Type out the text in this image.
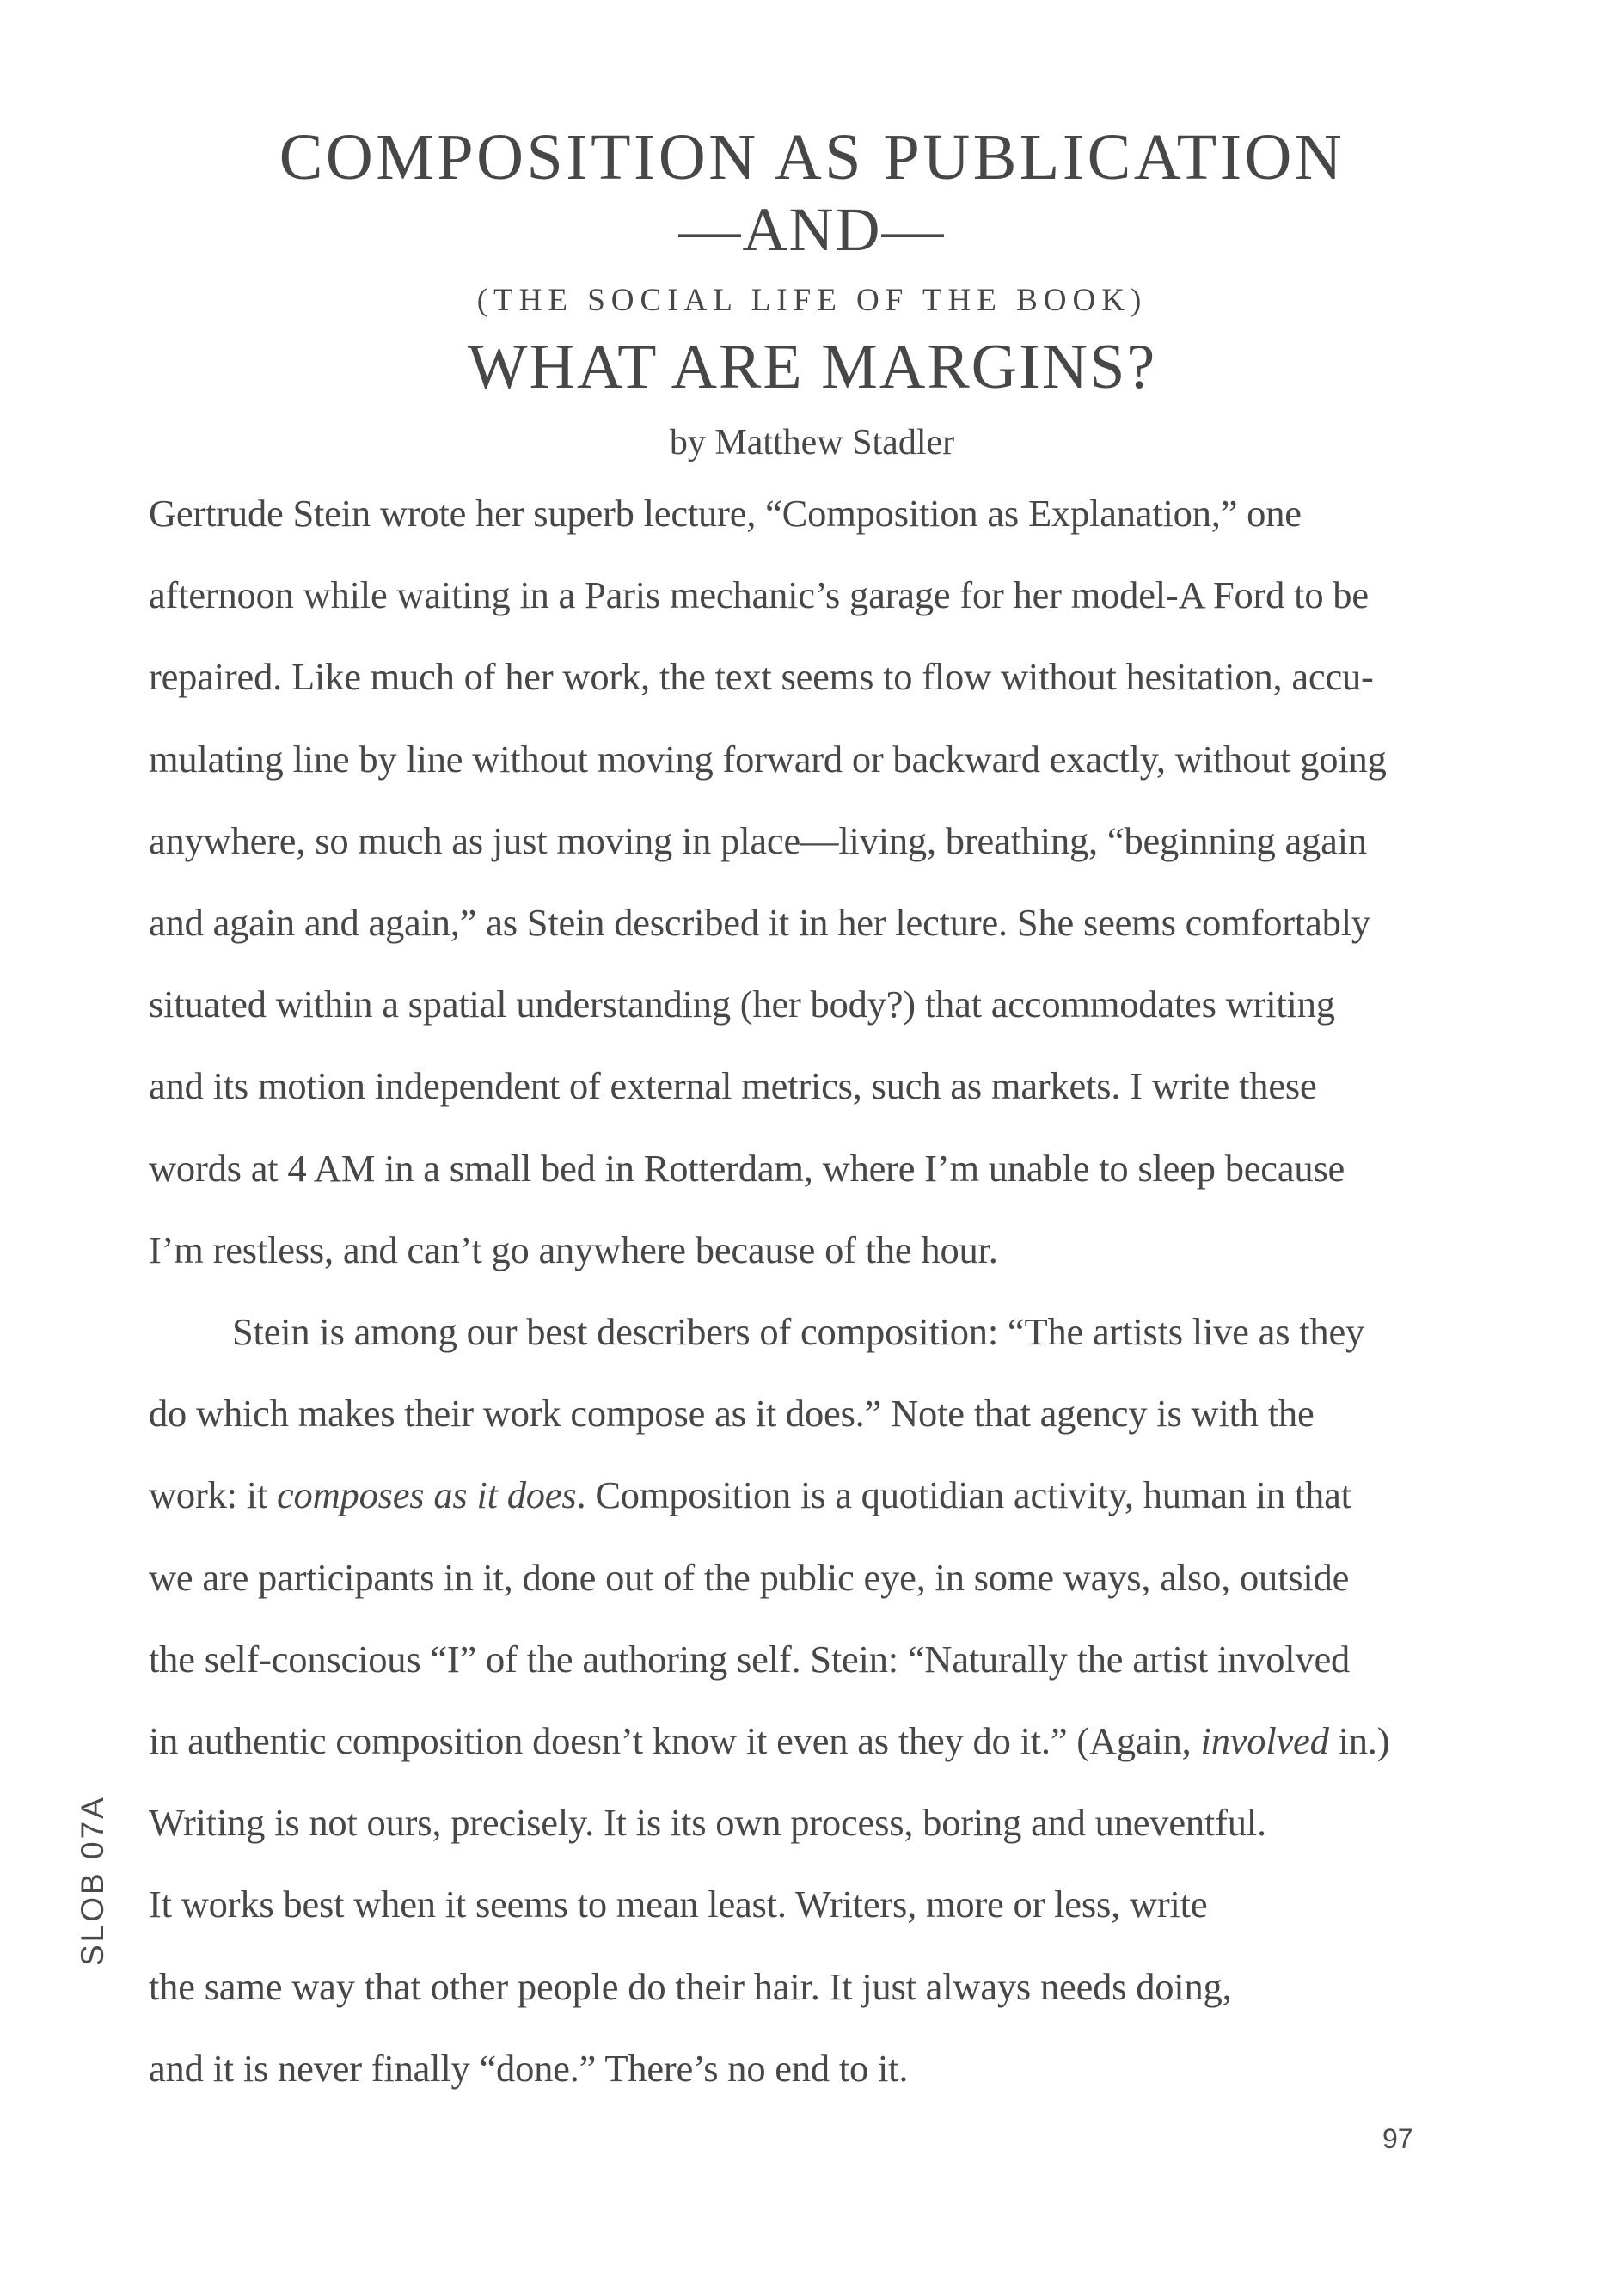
COMPOSITION AS PUBLICATION
—AND—
(THE SOCIAL LIFE OF THE BOOK)
WHAT ARE MARGINS?
by Matthew Stadler
Gertrude Stein wrote her superb lecture, “Composition as Explanation,” one
afternoon while waiting in a Paris mechanic’s garage for her model-A Ford to be
repaired. Like much of her work, the text seems to flow without hesitation, accu-
mulating line by line without moving forward or backward exactly, without going
anywhere, so much as just moving in place—living, breathing, “beginning again
and again and again,” as Stein described it in her lecture. She seems comfortably
situated within a spatial understanding (her body?) that accommodates writing
and its motion independent of external metrics, such as markets. I write these
words at 4 AM in a small bed in Rotterdam, where I’m unable to sleep because
I’m restless, and can’t go anywhere because of the hour.
Stein is among our best describers of composition: “The artists live as they
do which makes their work compose as it does.” Note that agency is with the
work: it composes as it does. Composition is a quotidian activity, human in that
we are participants in it, done out of the public eye, in some ways, also, outside
the self-conscious “I” of the authoring self. Stein: “Naturally the artist involved
in authentic composition doesn’t know it even as they do it.” (Again, involved in.)
Writing is not ours, precisely. It is its own process, boring and uneventful.
It works best when it seems to mean least. Writers, more or less, write
the same way that other people do their hair. It just always needs doing,
and it is never finally “done.” There’s no end to it.
SLOB 07A
97
